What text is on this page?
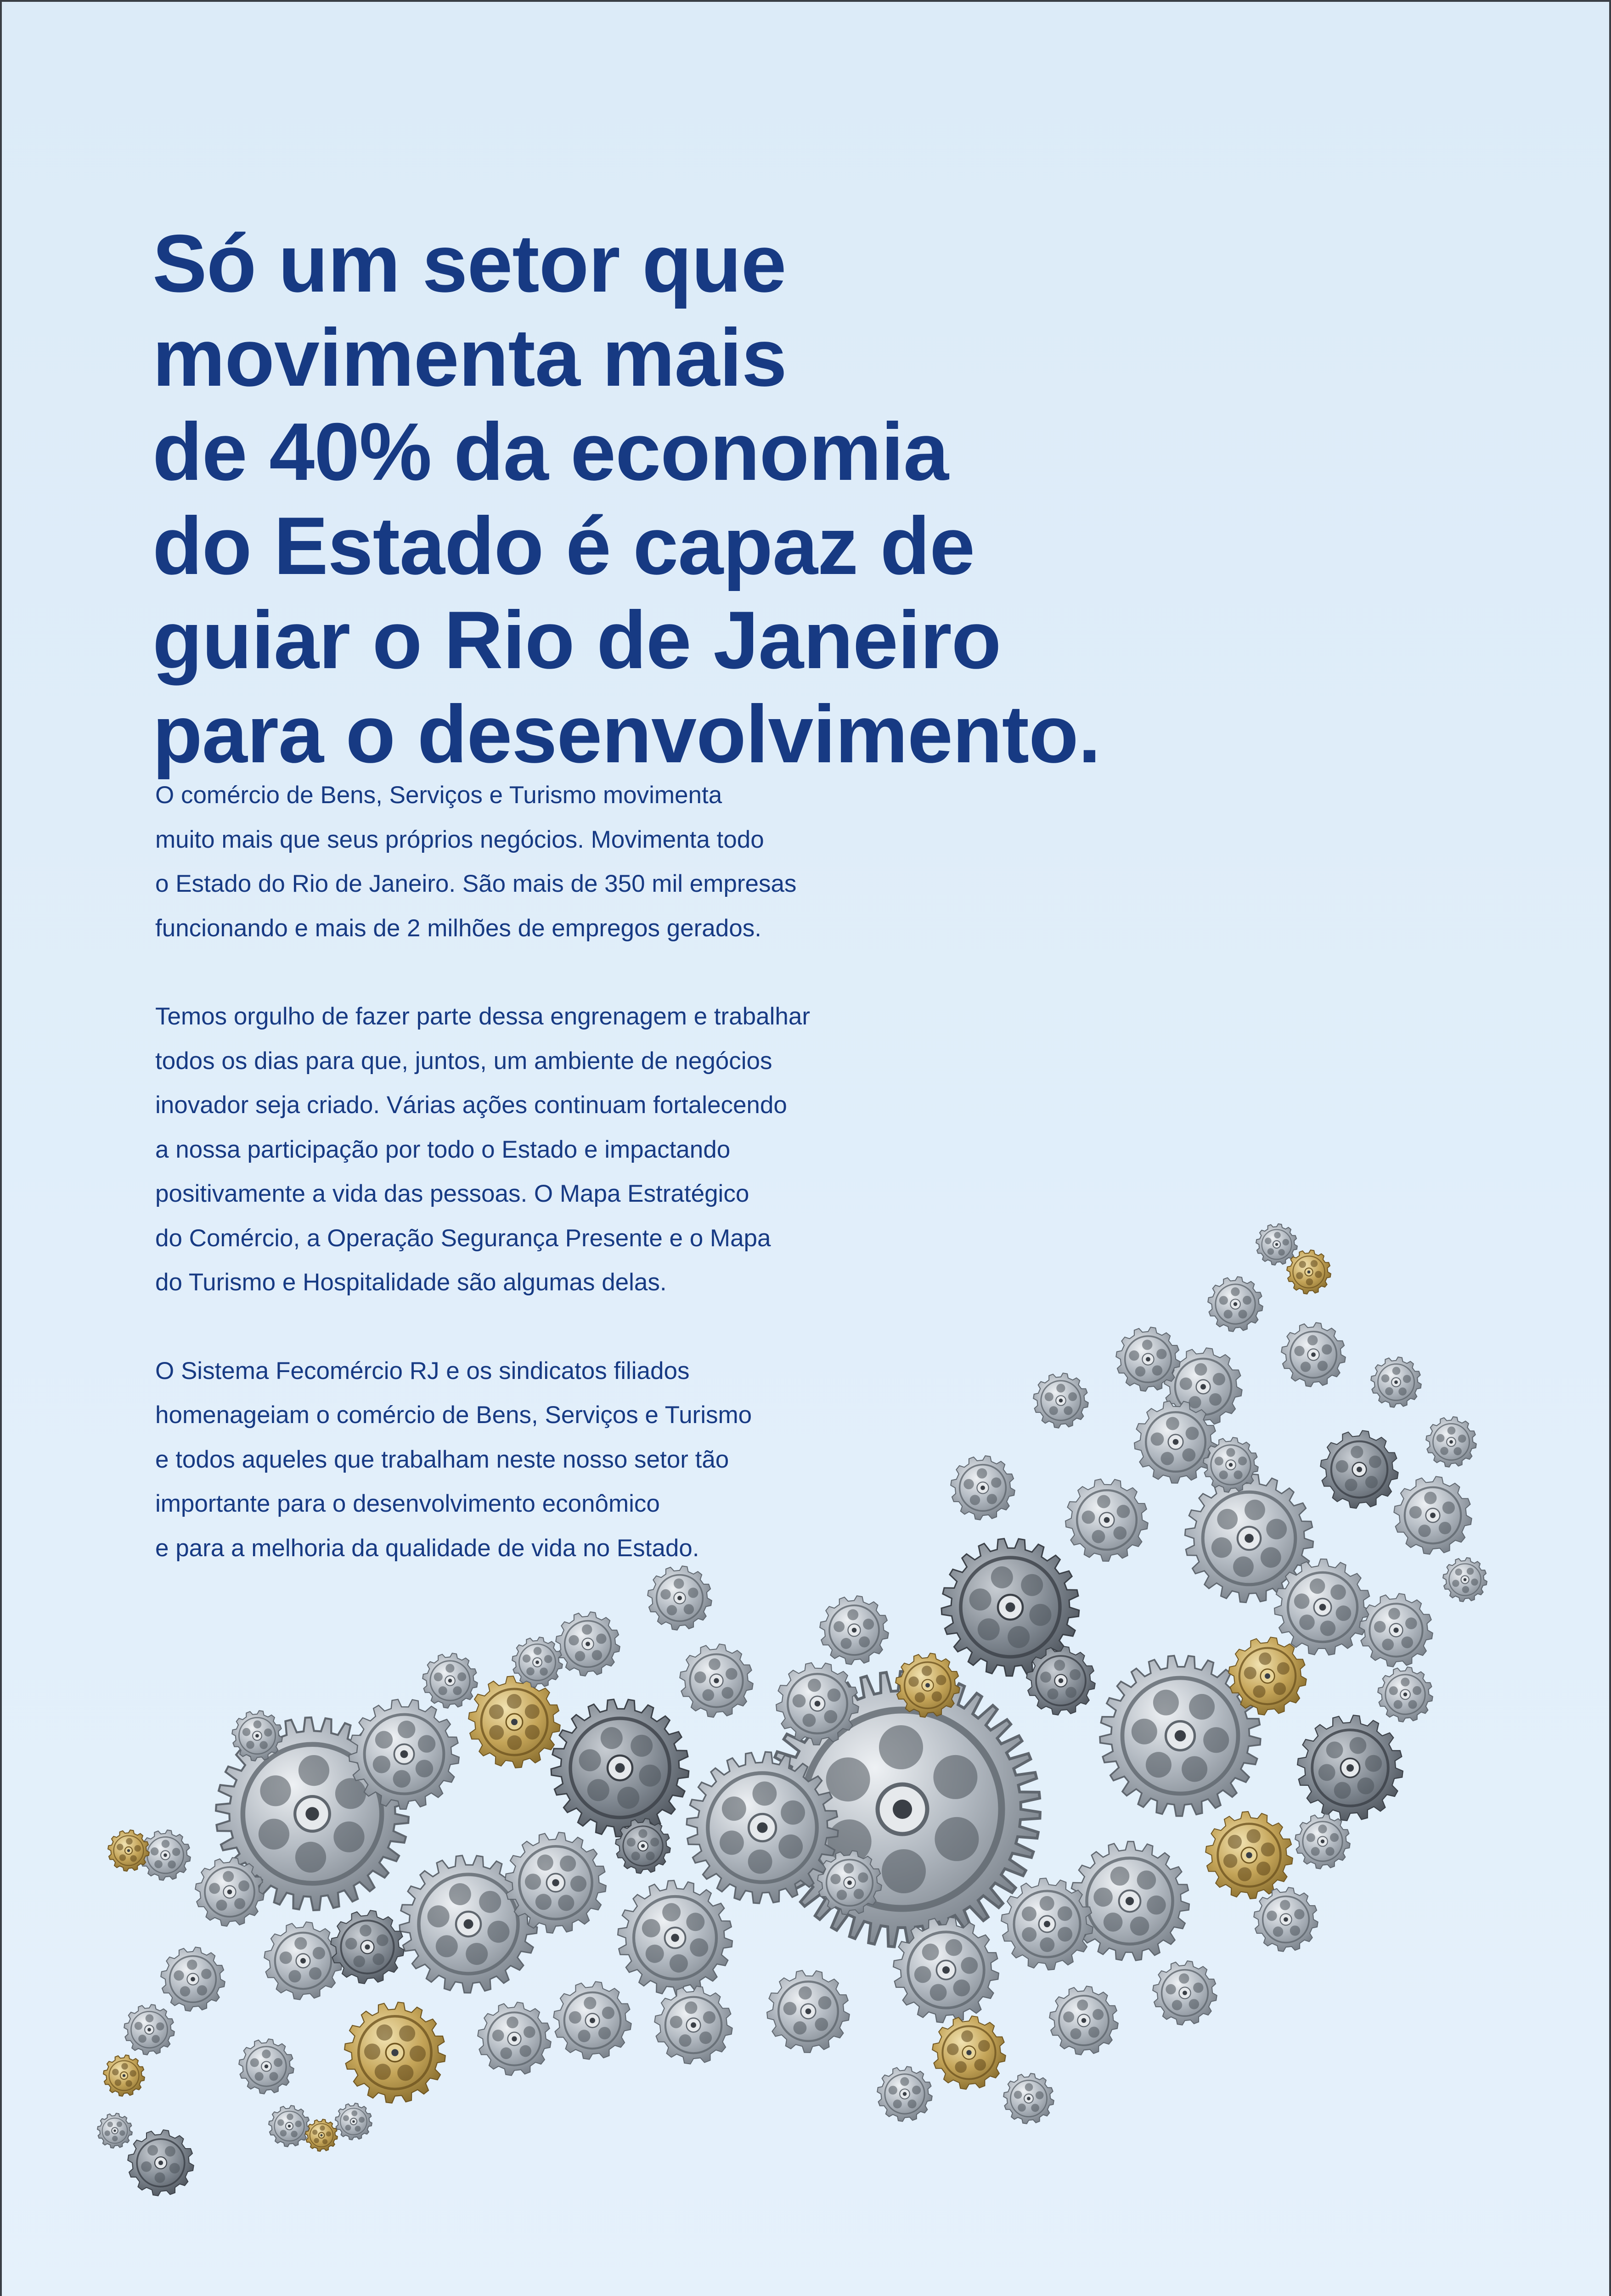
Só um setor que
movimenta mais
de 40% da economia
do Estado é capaz de
guiar o Rio de Janeiro
para o desenvolvimento.

O comércio de Bens, Serviços e Turismo movimenta
muito mais que seus próprios negócios. Movimenta todo
o Estado do Rio de Janeiro. São mais de 350 mil empresas
funcionando e mais de 2 milhões de empregos gerados.

Temos orgulho de fazer parte dessa engrenagem e trabalhar
todos os dias para que, juntos, um ambiente de negócios
inovador seja criado. Várias ações continuam fortalecendo
a nossa participação por todo o Estado e impactando
positivamente a vida das pessoas. O Mapa Estratégico
do Comércio, a Operação Segurança Presente e o Mapa
do Turismo e Hospitalidade são algumas delas.

O Sistema Fecomércio RJ e os sindicatos filiados
homenageiam o comércio de Bens, Serviços e Turismo
e todos aqueles que trabalham neste nosso setor tão
importante para o desenvolvimento econômico
e para a melhoria da qualidade de vida no Estado.
